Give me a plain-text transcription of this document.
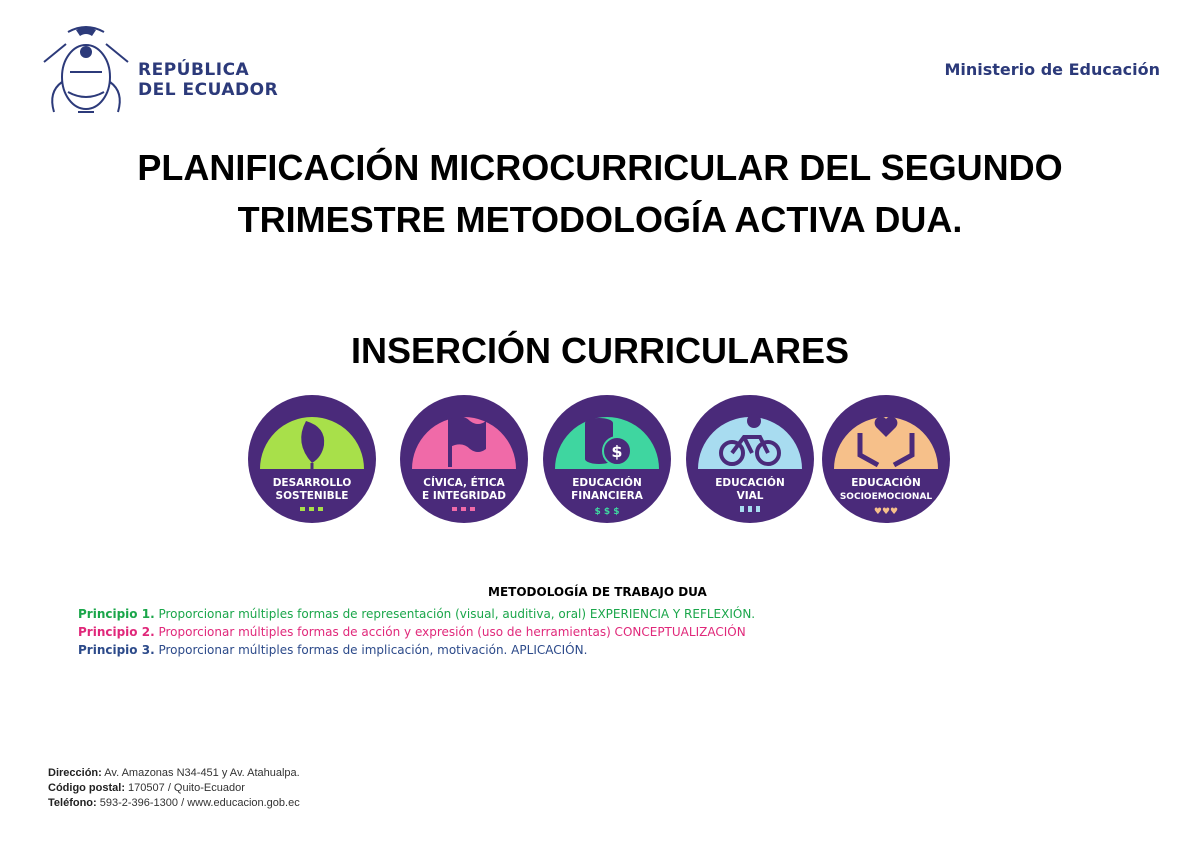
REPÚBLICA
DEL ECUADOR
Ministerio de Educación
PLANIFICACIÓN MICROCURRICULAR DEL SEGUNDO
TRIMESTRE METODOLOGÍA ACTIVA DUA.
INSERCIÓN CURRICULARES
DESARROLLO
SOSTENIBLE
CÍVICA, ÉTICA
E INTEGRIDAD
$
EDUCACIÓN
FINANCIERA
$ $ $
EDUCACIÓN
VIAL
EDUCACIÓN
SOCIOEMOCIONAL
♥♥♥
METODOLOGÍA DE TRABAJO DUA
Principio 1. Proporcionar múltiples formas de representación (visual, auditiva, oral) EXPERIENCIA Y REFLEXIÓN.
Principio 2. Proporcionar múltiples formas de acción y expresión (uso de herramientas) CONCEPTUALIZACIÓN
Principio 3. Proporcionar múltiples formas de implicación, motivación. APLICACIÓN.
Dirección: Av. Amazonas N34-451 y Av. Atahualpa.
Código postal: 170507 / Quito-Ecuador
Teléfono: 593-2-396-1300 / www.educacion.gob.ec
